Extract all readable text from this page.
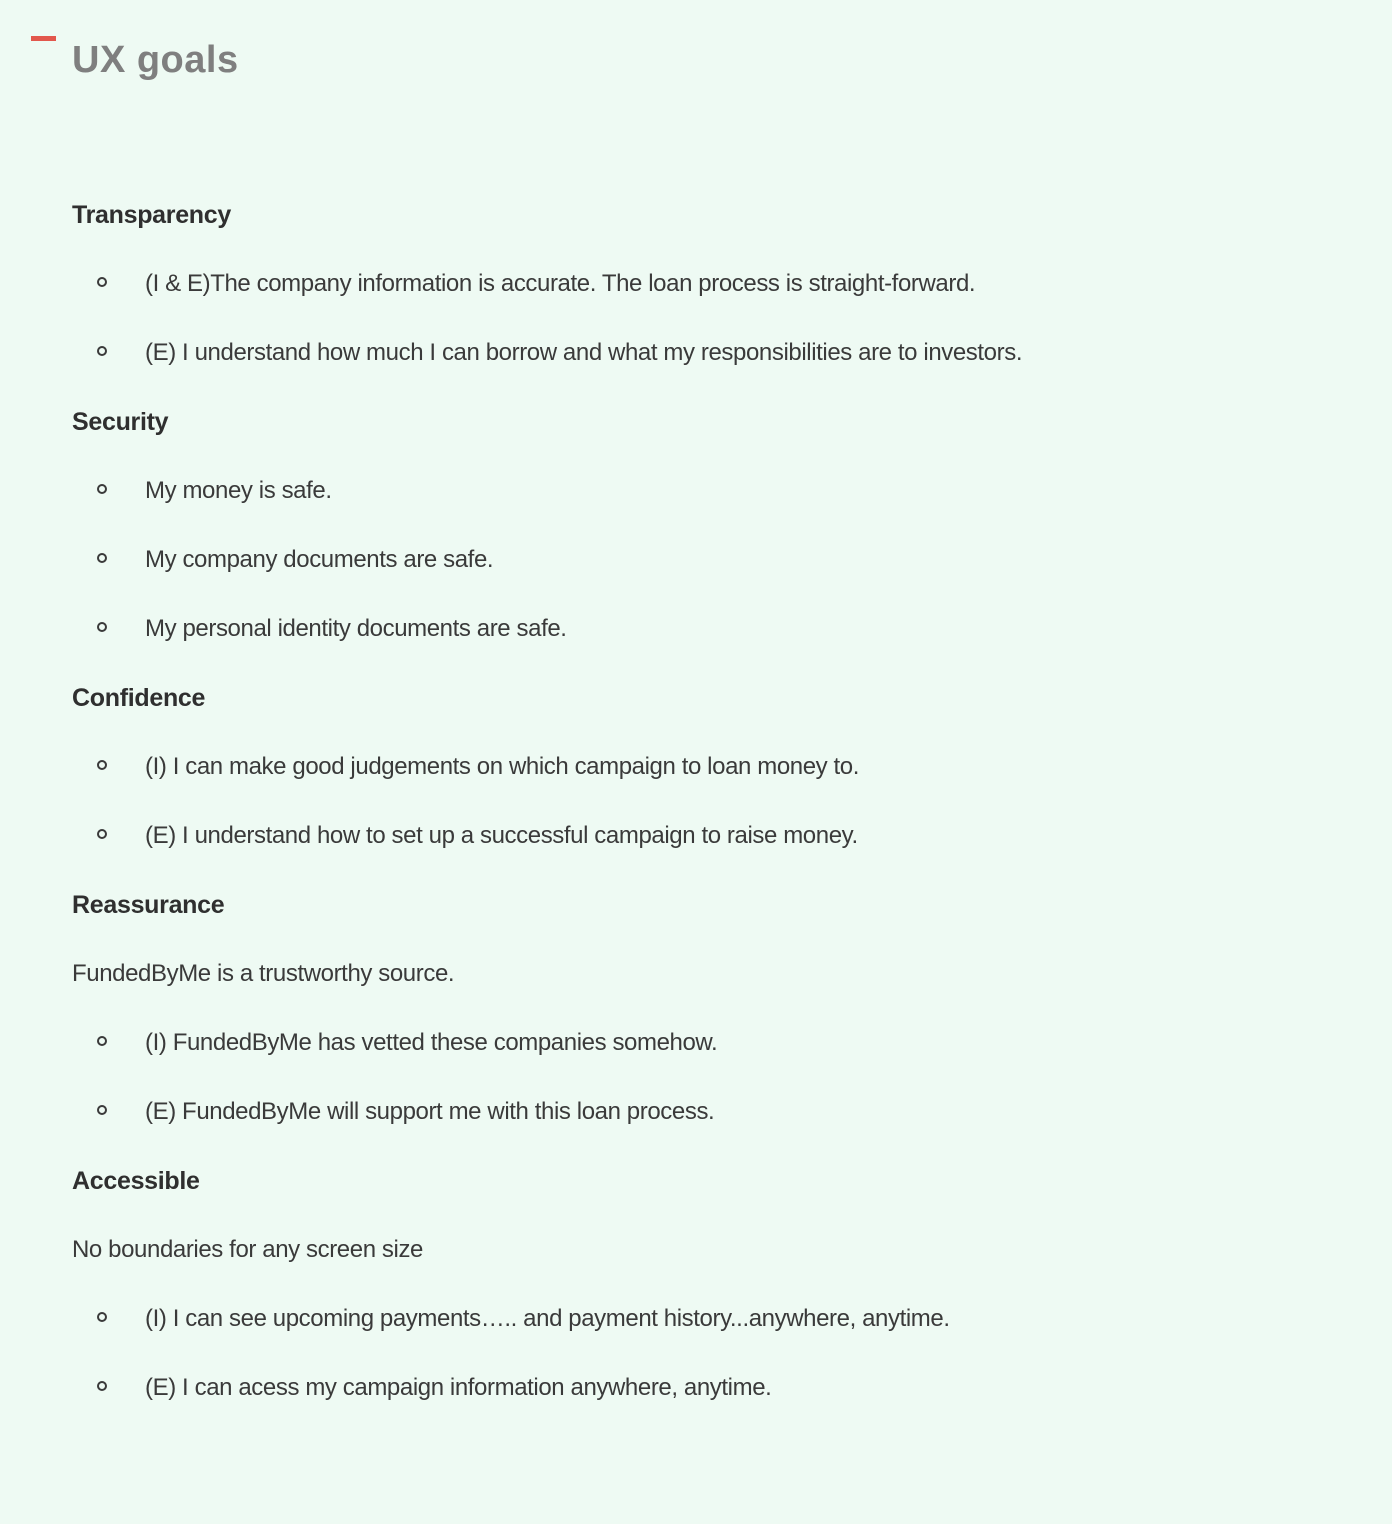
UX goals
Transparency
(I & E)The company information is accurate. The loan process is straight-forward.
(E) I understand how much I can borrow and what my responsibilities are to investors.
Security
My money is safe.
My company documents are safe.
My personal identity documents are safe.
Confidence
(I) I can make good judgements on which campaign to loan money to.
(E) I understand how to set up a successful campaign to raise money.
Reassurance

FundedByMe is a trustworthy source.

(I) FundedByMe has vetted these companies somehow.
(E) FundedByMe will support me with this loan process.
Accessible

No boundaries for any screen size

(I) I can see upcoming payments….. and payment history...anywhere, anytime.
(E) I can acess my campaign information anywhere, anytime.
